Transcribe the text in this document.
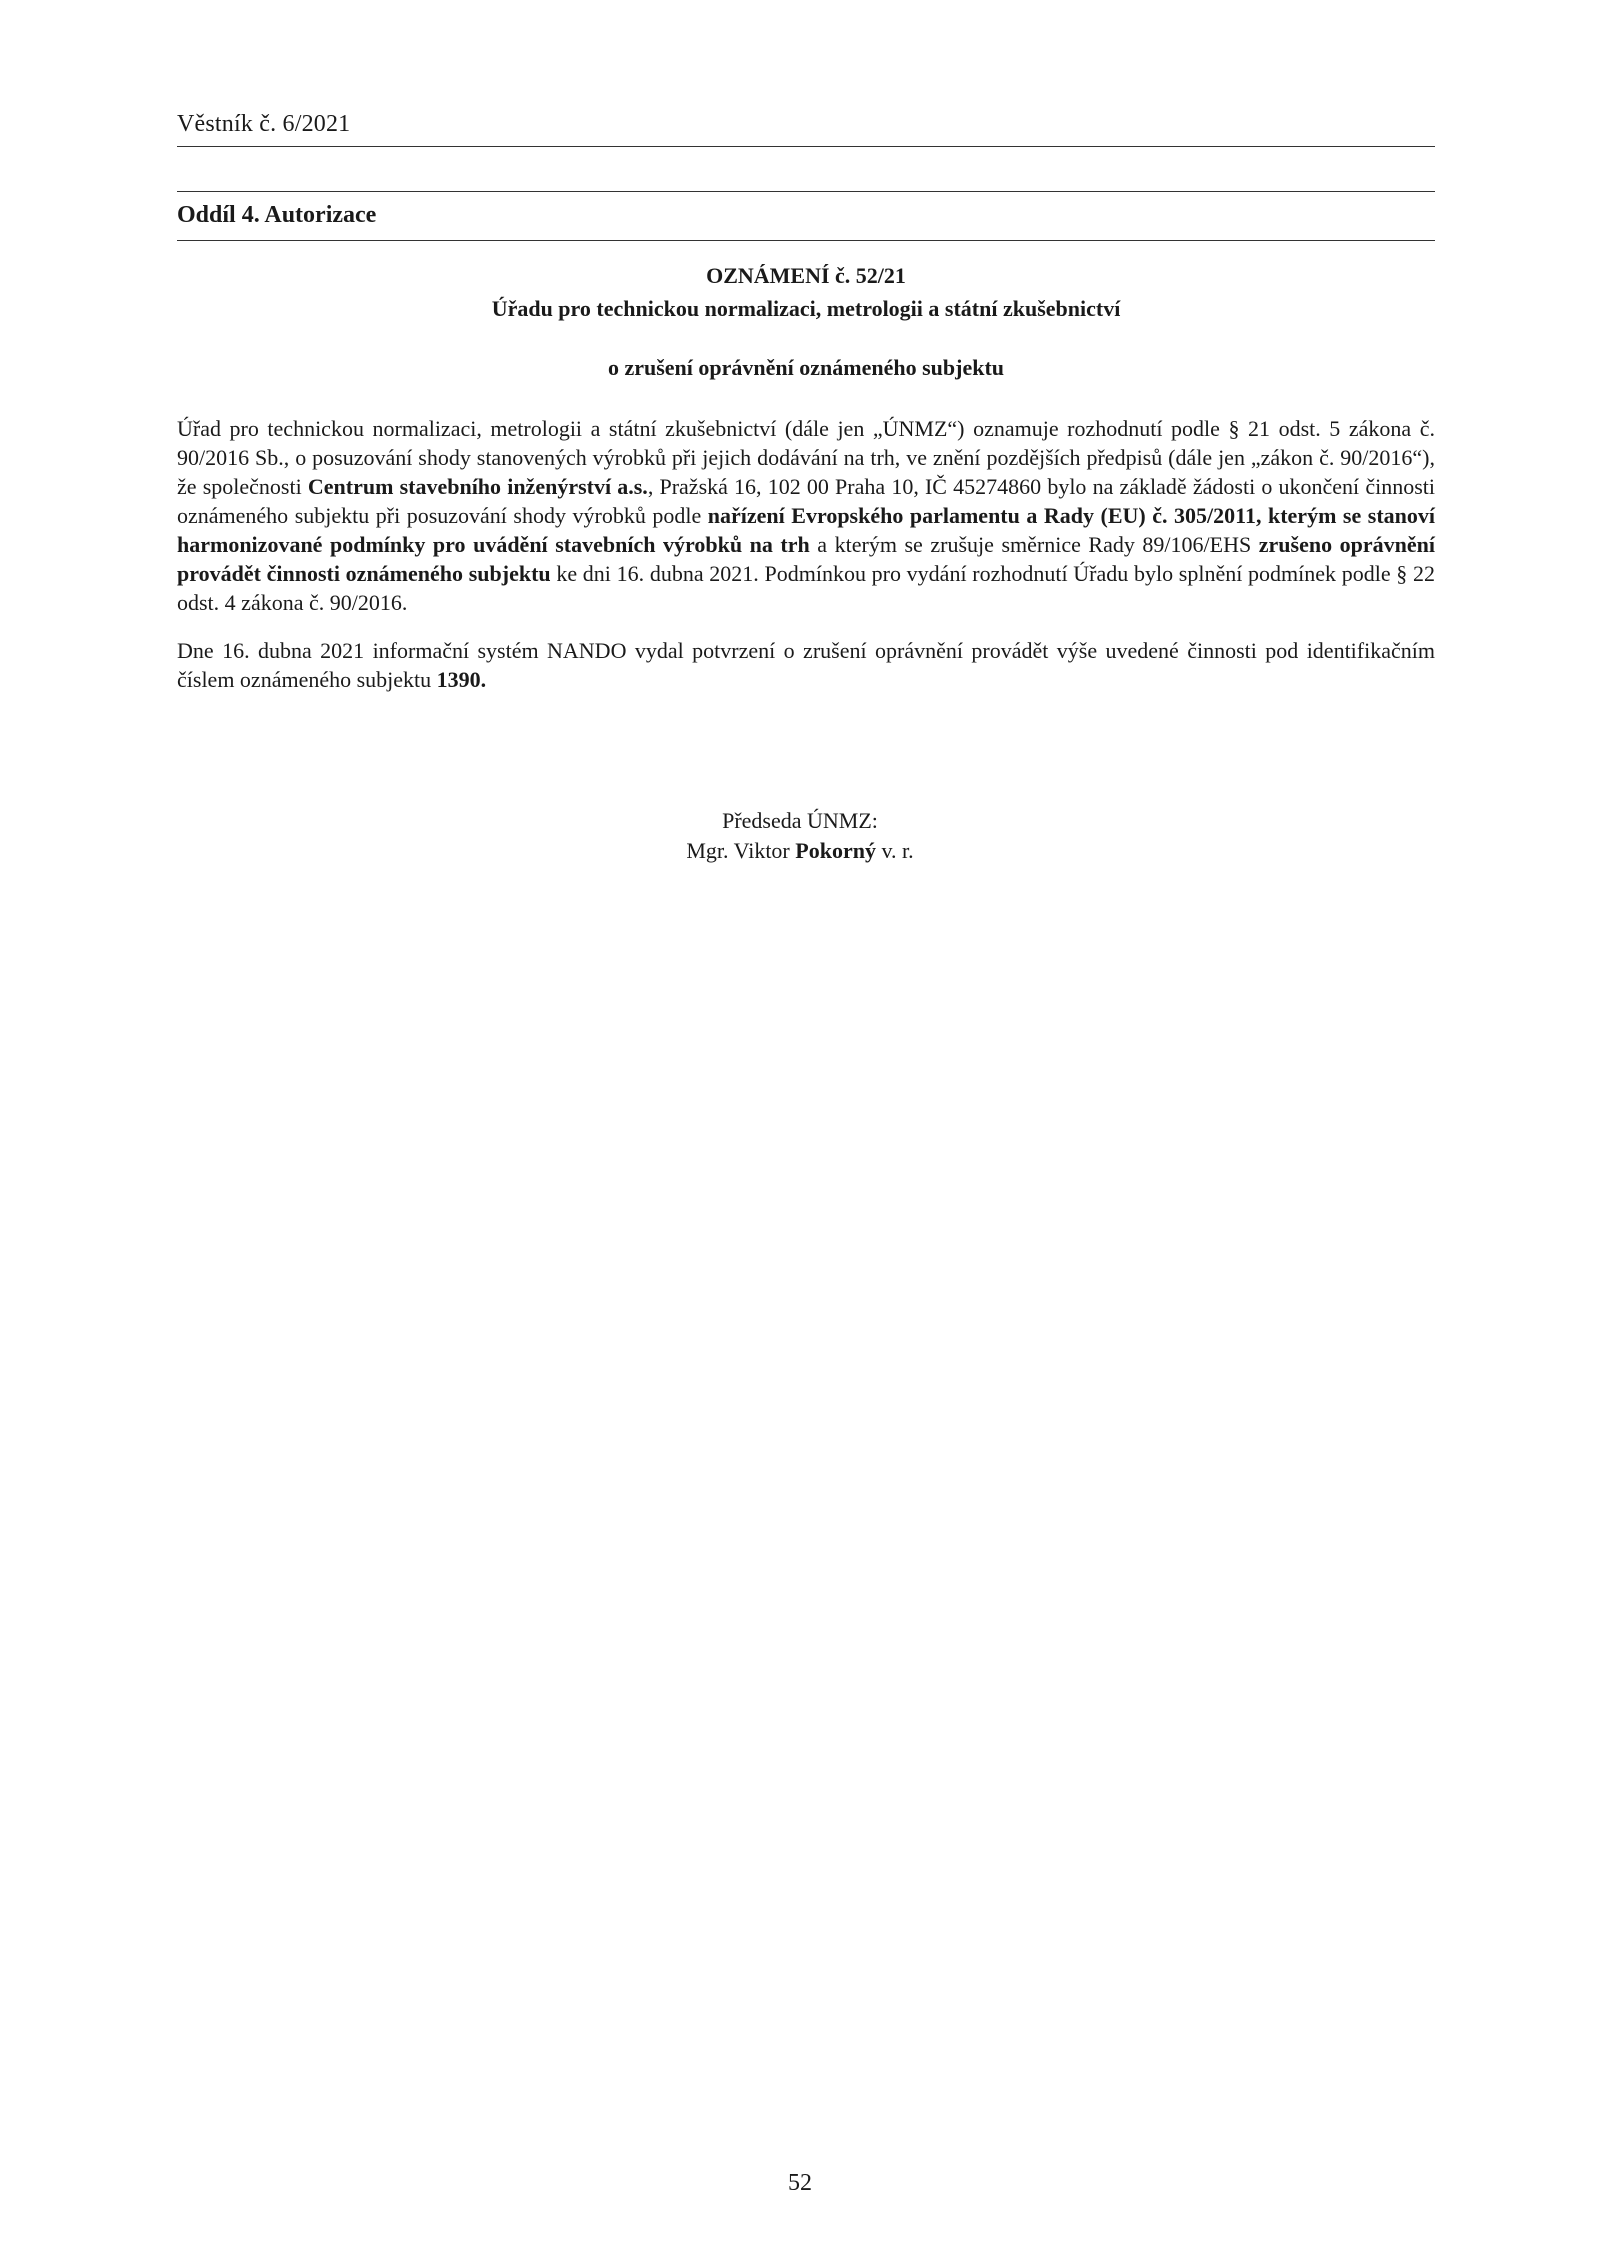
Věstník č. 6/2021
Oddíl 4. Autorizace
OZNÁMENÍ č. 52/21
Úřadu pro technickou normalizaci, metrologii a státní zkušebnictví
o zrušení oprávnění oznámeného subjektu

Úřad pro technickou normalizaci, metrologii a státní zkušebnictví (dále jen „ÚNMZ“) oznamuje rozhodnutí podle § 21 odst. 5 zákona č. 90/2016 Sb., o posuzování shody stanovených výrobků při jejich dodávání na trh, ve znění pozdějších předpisů (dále jen „zákon č. 90/2016“), že společnosti Centrum stavebního inženýrství a.s., Pražská 16, 102 00 Praha 10, IČ 45274860 bylo na základě žádosti o ukončení činnosti oznámeného subjektu při posuzování shody výrobků podle nařízení Evropského parlamentu a Rady (EU) č. 305/2011, kterým se stanoví harmonizované podmínky pro uvádění stavebních výrobků na trh a kterým se zrušuje směrnice Rady 89/106/EHS zrušeno oprávnění provádět činnosti oznámeného subjektu ke dni 16. dubna 2021. Podmínkou pro vydání rozhodnutí Úřadu bylo splnění podmínek podle § 22 odst. 4 zákona č. 90/2016.

Dne 16. dubna 2021 informační systém NANDO vydal potvrzení o zrušení oprávnění provádět výše uvedené činnosti pod identifikačním číslem oznámeného subjektu 1390.

Předseda ÚNMZ:
Mgr. Viktor Pokorný v. r.
52
